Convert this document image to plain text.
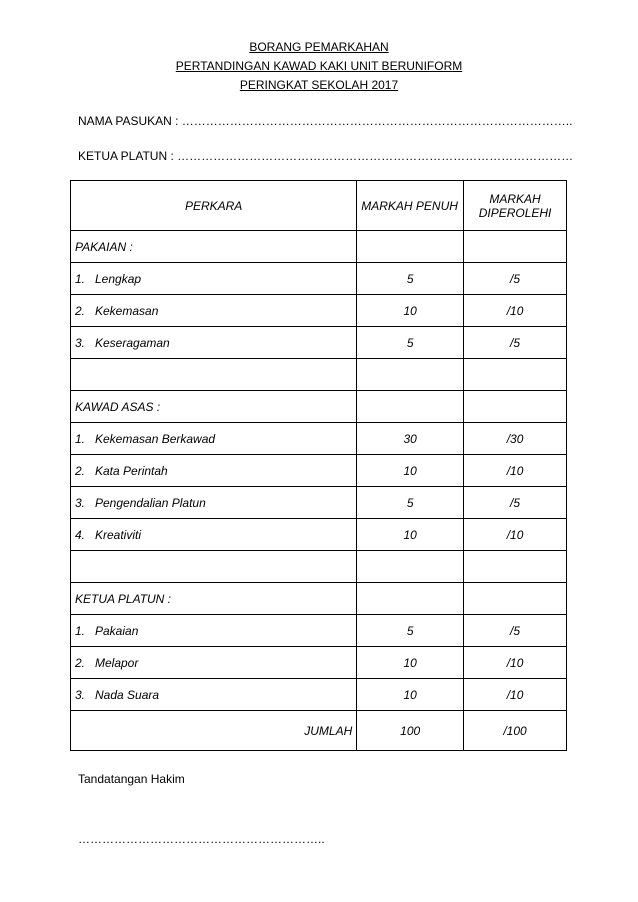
BORANG PEMARKAHAN
PERTANDINGAN KAWAD KAKI UNIT BERUNIFORM
PERINGKAT SEKOLAH 2017
NAMA PASUKAN : ……………………………………………………………………………………..
KETUA PLATUN : ………………………………………………………………………………………
PERKARA	MARKAH PENUH	MARKAH
DIPEROLEHI

PAKAIAN :		
1. Lengkap	5	/5
2. Kekemasan	10	/10
3. Keseragaman	5	/5

KAWAD ASAS :		
1. Kekemasan Berkawad	30	/30
2. Kata Perintah	10	/10
3. Pengendalian Platun	5	/5
4. Kreativiti	10	/10

KETUA PLATUN :		
1. Pakaian	5	/5
2. Melapor	10	/10
3. Nada Suara	10	/10
JUMLAH	100	/100
Tandatangan Hakim
……………………………………………………..
